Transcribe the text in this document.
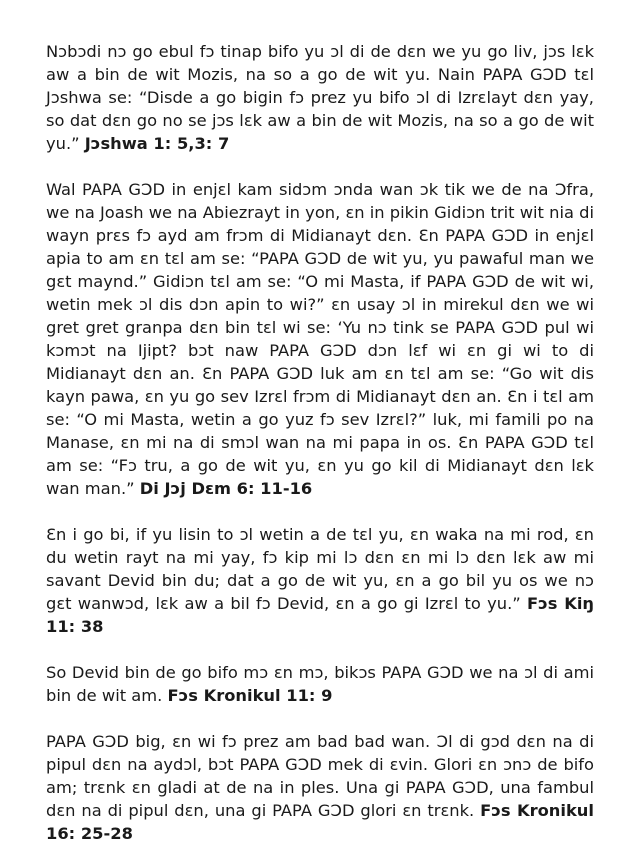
Nɔbɔdi nɔ go ebul fɔ tinap bifo yu ɔl di de dɛn we yu go liv, jɔs lɛk aw a bin de wit Mozis, na so a go de wit yu. Nain PAPA GƆD tɛl Jɔshwa se: “Disde a go bigin fɔ prez yu bifo ɔl di Izrɛlayt dɛn yay, so dat dɛn go no se jɔs lɛk aw a bin de wit Mozis, na so a go de wit yu.” Jɔshwa 1: 5,3: 7

Wal PAPA GƆD in enjɛl kam sidɔm ɔnda wan ɔk tik we de na Ɔfra, we na Joash we na Abiezrayt in yon, ɛn in pikin Gidiɔn trit wit nia di wayn prɛs fɔ ayd am frɔm di Midianayt dɛn. Ɛn PAPA GƆD in enjɛl apia to am ɛn tɛl am se: “PAPA GƆD de wit yu, yu pawaful man we gɛt maynd.” Gidiɔn tɛl am se: “O mi Masta, if PAPA GƆD de wit wi, wetin mek ɔl dis dɔn apin to wi?” ɛn usay ɔl in mirekul dɛn we wi gret gret granpa dɛn bin tɛl wi se: ‘Yu nɔ tink se PAPA GƆD pul wi kɔmɔt na Ijipt? bɔt naw PAPA GƆD dɔn lɛf wi ɛn gi wi to di Midianayt dɛn an. Ɛn PAPA GƆD luk am ɛn tɛl am se: “Go wit dis kayn pawa, ɛn yu go sev Izrɛl frɔm di Midianayt dɛn an. Ɛn i tɛl am se: “O mi Masta, wetin a go yuz fɔ sev Izrɛl?” luk, mi famili po na Manase, ɛn mi na di smɔl wan na mi papa in os. Ɛn PAPA GƆD tɛl am se: “Fɔ tru, a go de wit yu, ɛn yu go kil di Midianayt dɛn lɛk wan man.” Di Jɔj Dɛm 6: 11-16

Ɛn i go bi, if yu lisin to ɔl wetin a de tɛl yu, ɛn waka na mi rod, ɛn du wetin rayt na mi yay, fɔ kip mi lɔ dɛn ɛn mi lɔ dɛn lɛk aw mi savant Devid bin du; dat a go de wit yu, ɛn a go bil yu os we nɔ gɛt wanwɔd, lɛk aw a bil fɔ Devid, ɛn a go gi Izrɛl to yu.” Fɔs Kiŋ 11: 38

So Devid bin de go bifo mɔ ɛn mɔ, bikɔs PAPA GƆD we na ɔl di ami bin de wit am. Fɔs Kronikul 11: 9

PAPA GƆD big, ɛn wi fɔ prez am bad bad wan. Ɔl di gɔd dɛn na di pipul dɛn na aydɔl, bɔt PAPA GƆD mek di ɛvin. Glori ɛn ɔnɔ de bifo am; trɛnk ɛn gladi at de na in ples. Una gi PAPA GƆD, una fambul dɛn na di pipul dɛn, una gi PAPA GƆD glori ɛn trɛnk. Fɔs Kronikul 16: 25-28
